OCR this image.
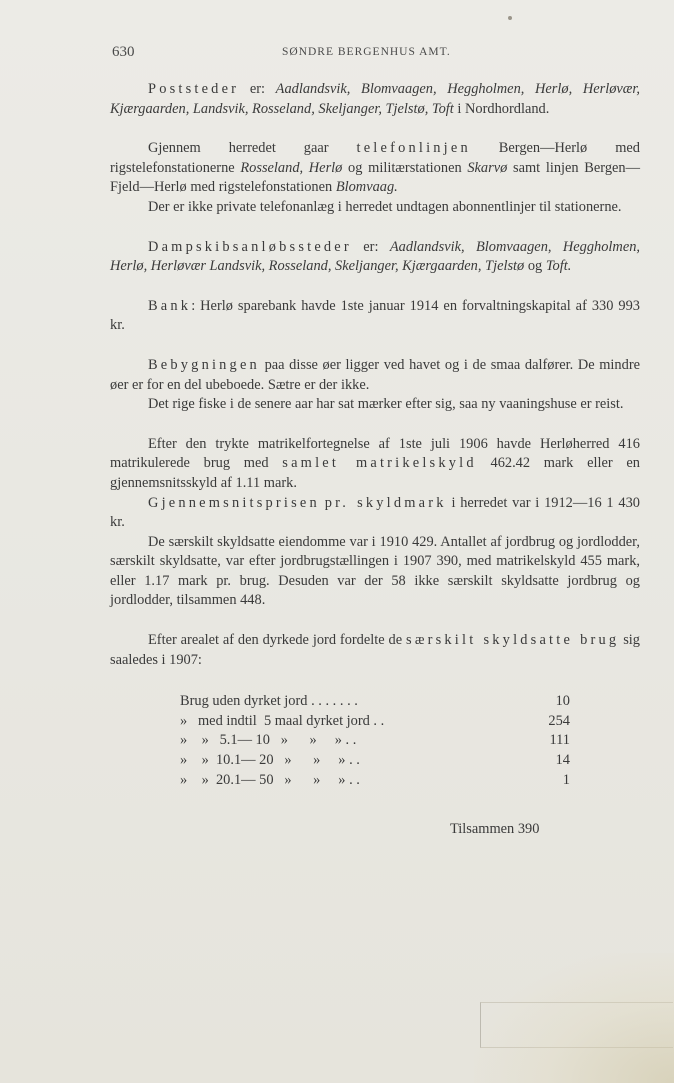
630	SØNDRE BERGENHUS AMT.

Poststeder er: Aadlandsvik, Blomvaagen, Heggholmen, Herlø, Herløvær, Kjærgaarden, Landsvik, Rosseland, Skeljanger, Tjelstø, Toft i Nordhordland.

Gjennem herredet gaar telefonlinjen Bergen—Herlø med rigstelefonstationerne Rosseland, Herlø og militærstationen Skarvø samt linjen Bergen—Fjeld—Herlø med rigstelefonstationen Blomvaag.

Der er ikke private telefonanlæg i herredet undtagen abonnentlinjer til stationerne.

Dampskibsanløbssteder er: Aadlandsvik, Blomvaagen, Heggholmen, Herlø, Herløvær Landsvik, Rosseland, Skeljanger, Kjærgaarden, Tjelstø og Toft.

Bank: Herlø sparebank havde 1ste januar 1914 en forvaltningskapital af 330 993 kr.

Bebygningen paa disse øer ligger ved havet og i de smaa dalfører. De mindre øer er for en del ubeboede. Sætre er der ikke.

Det rige fiske i de senere aar har sat mærker efter sig, saa ny vaaningshuse er reist.

Efter den trykte matrikelfortegnelse af 1ste juli 1906 havde Herløherred 416 matrikulerede brug med samlet matrikelskyld 462.42 mark eller en gjennemsnitsskyld af 1.11 mark.

Gjennemsnitsprisen pr. skyldmark i herredet var i 1912—16 1 430 kr.

De særskilt skyldsatte eiendomme var i 1910 429. Antallet af jordbrug og jordlodder, særskilt skyldsatte, var efter jordbrugstællingen i 1907 390, med matrikelskyld 455 mark, eller 1.17 mark pr. brug. Desuden var der 58 ikke særskilt skyldsatte jordbrug og jordlodder, tilsammen 448.

Efter arealet af den dyrkede jord fordelte de særskilt skyldsatte brug sig saaledes i 1907:

Brug uden dyrket jord . . . . . . .	10
»   med indtil  5 maal dyrket jord . .	254
»    »   5.1— 10   »      »     » . .	111
»    »  10.1— 20   »      »     » . .	14
»    »  20.1— 50   »      »     » . .	1
Tilsammen 390
